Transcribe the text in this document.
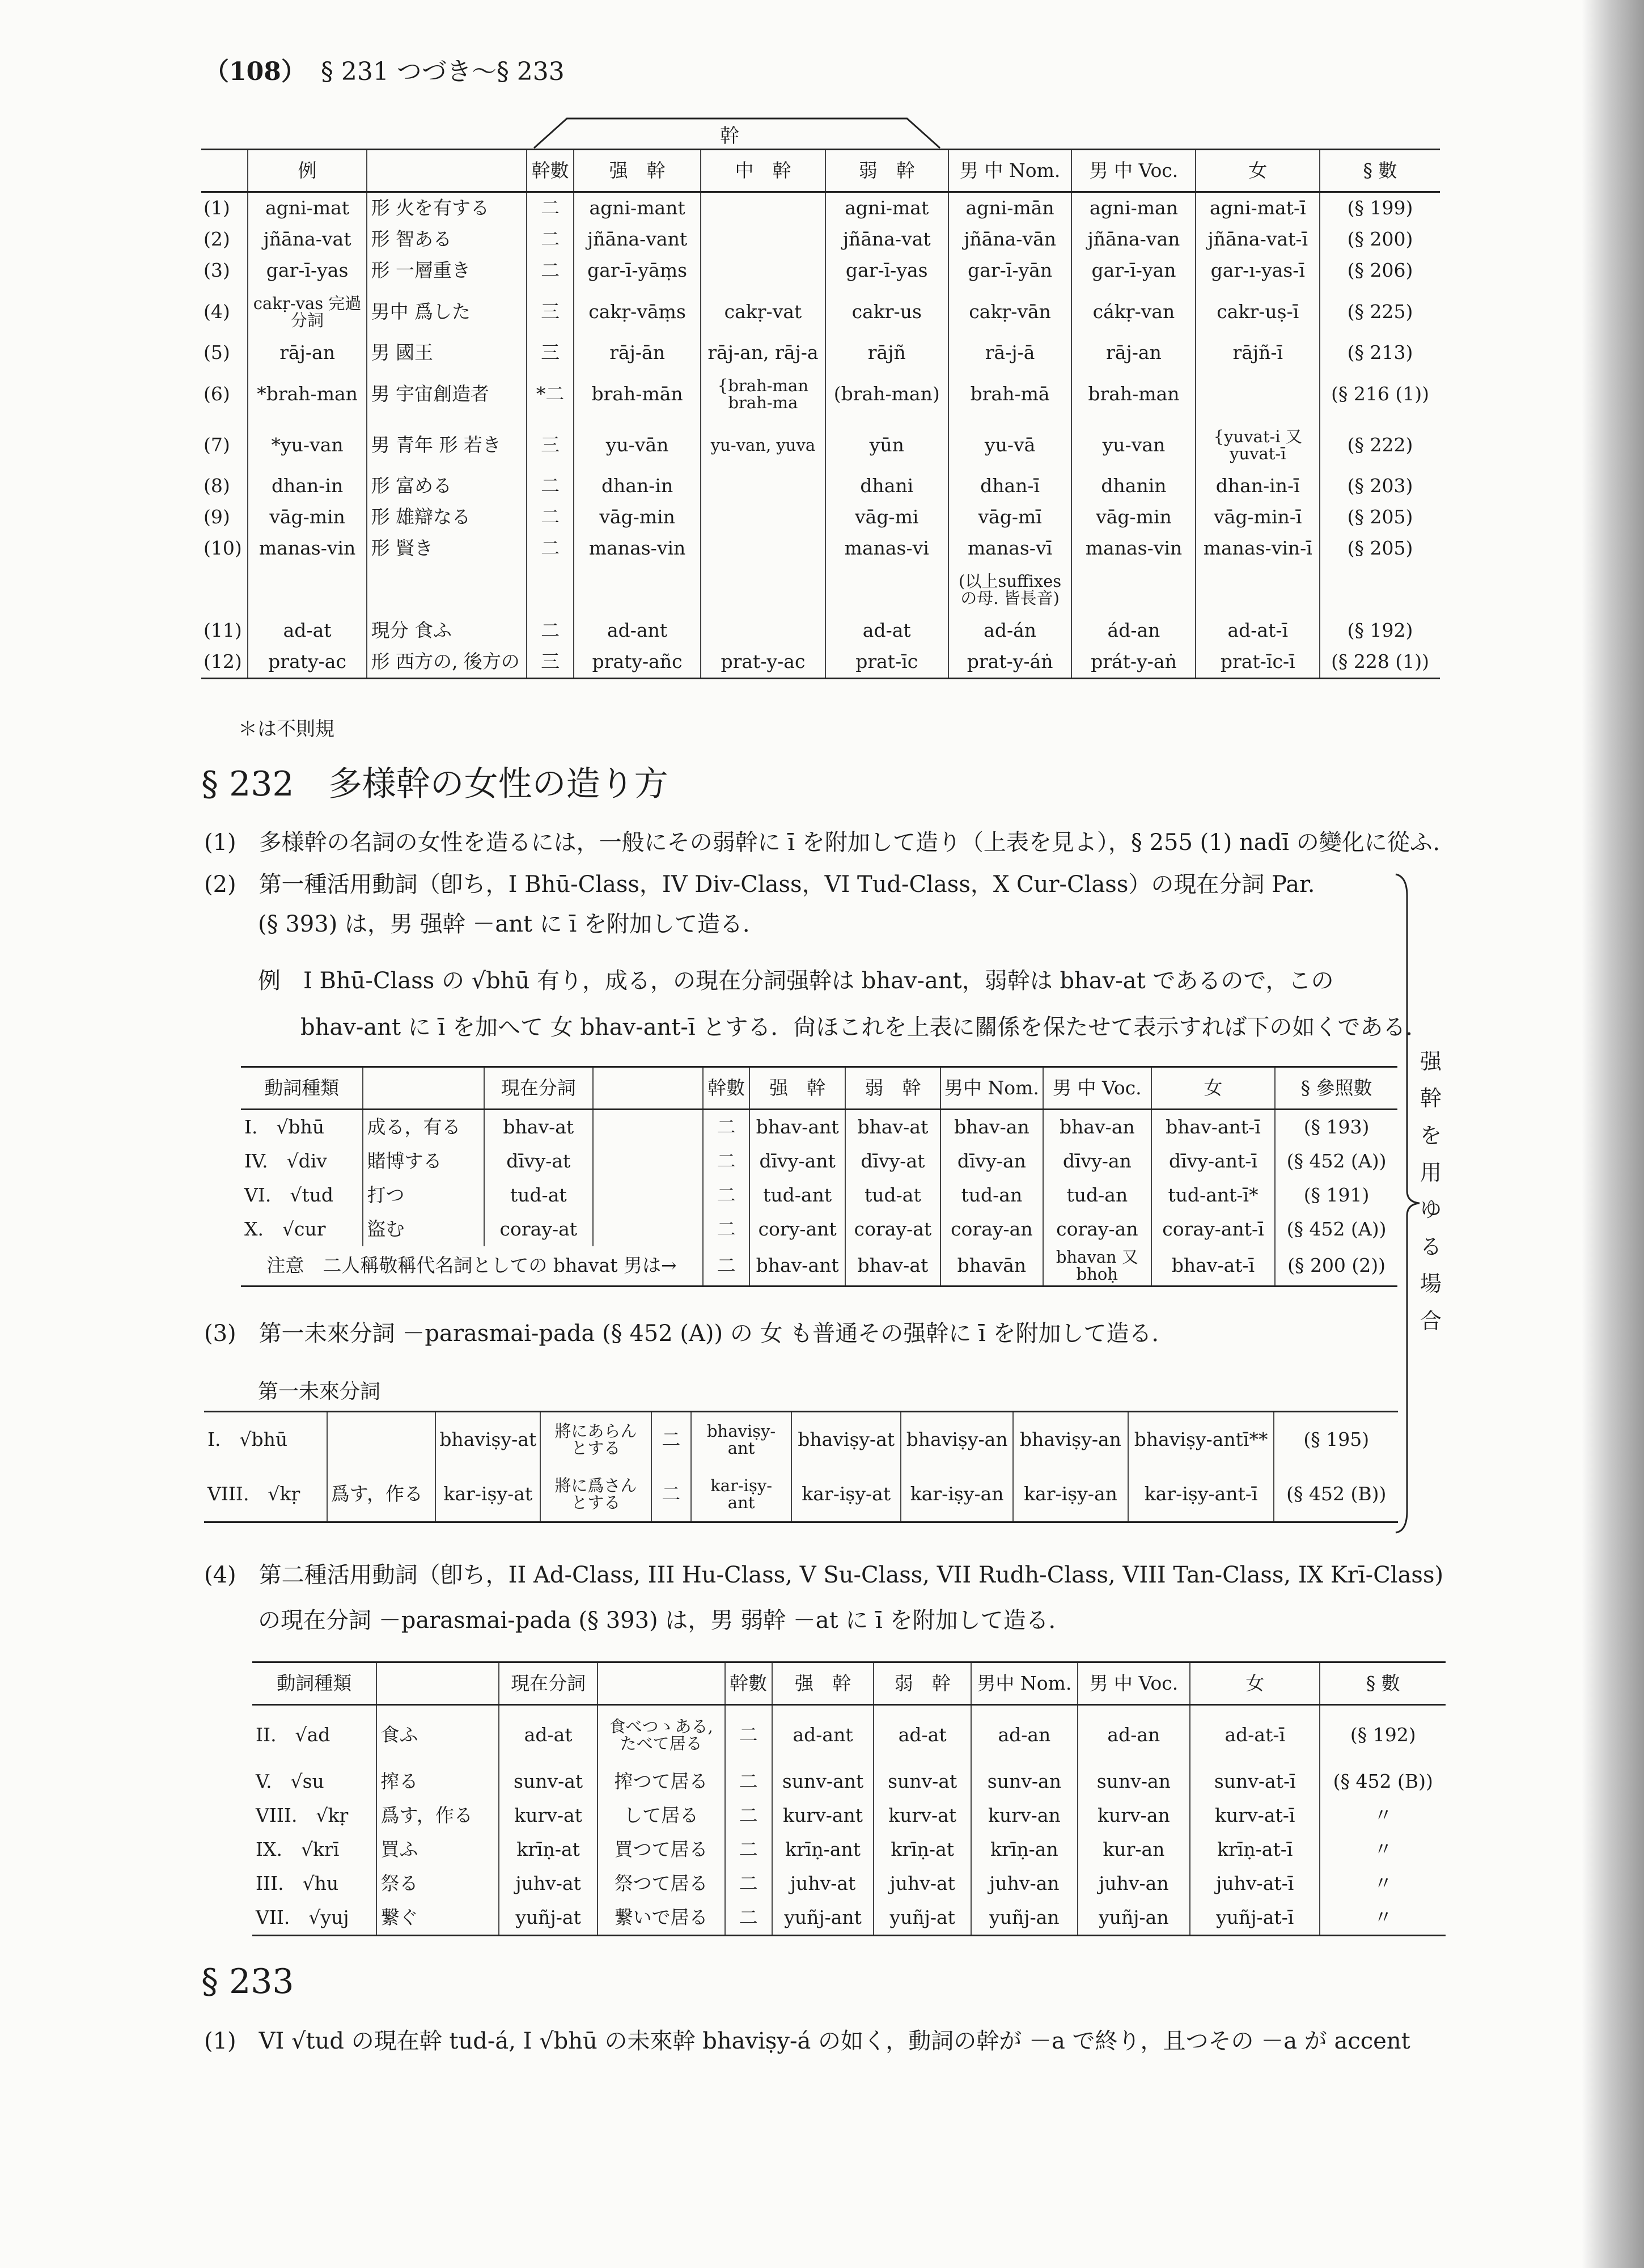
（108） § 231 つづき～§ 233
幹
	例		幹數	强　幹	中　幹	弱　幹	男 中 Nom.	男 中 Voc.	女	§ 數
(1)	agni-mat	形 火を有する	二	agni-mant		agni-mat	agni-mān	agni-man	agni-mat-ī	(§ 199)
(2)	jñāna-vat	形 智ある	二	jñāna-vant		jñāna-vat	jñāna-vān	jñāna-van	jñāna-vat-ī	(§ 200)
(3)	gar-ī-yas	形 一層重き	二	gar-ī-yāṃs		gar-ī-yas	gar-ī-yān	gar-ī-yan	gar-ı-yas-ī	(§ 206)
(4)	cakṛ-vas 完過分詞	男中 爲した	三	cakṛ-vāṃs	cakṛ-vat	cakr-us	cakṛ-vān	cákṛ-van	cakr-uṣ-ī	(§ 225)
(5)	rāj-an	男 國王	三	rāj-ān	rāj-an, rāj-a	rājñ	rā-j-ā	rāj-an	rājñ-ī	(§ 213)
(6)	*brah-man	男 宇宙創造者	*二	brah-mān	{brah-man brah-ma	(brah-man)	brah-mā	brah-man		(§ 216 (1))
(7)	*yu-van	男 青年 形 若き	三	yu-vān	yu-van, yuva	yūn	yu-vā	yu-van	{yuvat-i 又 yuvat-ī	(§ 222)
(8)	dhan-in	形 富める	二	dhan-in		dhani	dhan-ī	dhanin	dhan-in-ī	(§ 203)
(9)	vāg-min	形 雄辯なる	二	vāg-min		vāg-mi	vāg-mī	vāg-min	vāg-min-ī	(§ 205)
(10)	manas-vin	形 賢き	二	manas-vin		manas-vi	manas-vī	manas-vin	manas-vin-ī	(§ 205)
							(以上suffixes の母. 皆長音)			
(11)	ad-at	現分 食ふ	二	ad-ant		ad-at	ad-án	ád-an	ad-at-ī	(§ 192)
(12)	praty-ac	形 西方の, 後方の	三	praty-añc	prat-y-ac	prat-īc	prat-y-áṅ	prát-y-aṅ	prat-īc-ī	(§ 228 (1))
＊は不則規
§ 232　多様幹の女性の造り方
(1)　多様幹の名詞の女性を造るには，一般にその弱幹に ī を附加して造り（上表を見よ），§ 255 (1) nadī の變化に從ふ．
(2)　第一種活用動詞（卽ち，I Bhū-Class，IV Div-Class，VI Tud-Class，X Cur-Class）の現在分詞 Par.
(§ 393) は，男 强幹 －ant に ī を附加して造る．
例　I Bhū-Class の √bhū 有り，成る，の現在分詞强幹は bhav-ant，弱幹は bhav-at であるので，この
bhav-ant に ī を加へて 女 bhav-ant-ī とする．尙ほこれを上表に關係を保たせて表示すれば下の如くである．
動詞種類		現在分詞		幹數	强　幹	弱　幹	男中 Nom.	男 中 Voc.	女	§ 參照數
I.　√bhū	成る，有る	bhav-at		二	bhav-ant	bhav-at	bhav-an	bhav-an	bhav-ant-ī	(§ 193)
IV.　√div	賭博する	dīvy-at		二	dīvy-ant	dīvy-at	dīvy-an	dīvy-an	dīvy-ant-ī	(§ 452 (A))
VI.　√tud	打つ	tud-at		二	tud-ant	tud-at	tud-an	tud-an	tud-ant-ī*	(§ 191)
X.　√cur	盜む	coray-at		二	cory-ant	coray-at	coray-an	coray-an	coray-ant-ī	(§ 452 (A))
注意　二人稱敬稱代名詞としての bhavat 男は→				二	bhav-ant	bhav-at	bhavān	bhavan 又 bhoḥ	bhav-at-ī	(§ 200 (2))
(3)　第一未來分詞 －parasmai-pada (§ 452 (A)) の 女 も普通その强幹に ī を附加して造る．
第一未來分詞
I.　√bhū		bhaviṣy-at	將にあらん とする	二	bhaviṣy- ant	bhaviṣy-at	bhaviṣy-an	bhaviṣy-an	bhaviṣy-antī**	(§ 195)
VIII.　√kṛ	爲す，作る	kar-iṣy-at	將に爲さん とする	二	kar-iṣy- ant	kar-iṣy-at	kar-iṣy-an	kar-iṣy-an	kar-iṣy-ant-ī	(§ 452 (B))
强
幹
を
用
ゆ
る
場
合
(4)　第二種活用動詞（卽ち，II Ad-Class, III Hu-Class, V Su-Class, VII Rudh-Class, VIII Tan-Class, IX Krī-Class)
の現在分詞 －parasmai-pada (§ 393) は，男 弱幹 －at に ī を附加して造る．
動詞種類		現在分詞		幹數	强　幹	弱　幹	男中 Nom.	男 中 Voc.	女	§ 數
II.　√ad	食ふ	ad-at	食べつゝある, たべて居る	二	ad-ant	ad-at	ad-an	ad-an	ad-at-ī	(§ 192)
V.　√su	搾る	sunv-at	搾つて居る	二	sunv-ant	sunv-at	sunv-an	sunv-an	sunv-at-ī	(§ 452 (B))
VIII.　√kṛ	爲す，作る	kurv-at	して居る	二	kurv-ant	kurv-at	kurv-an	kurv-an	kurv-at-ī	〃
IX.　√krī	買ふ	krīṇ-at	買つて居る	二	krīṇ-ant	krīṇ-at	krīṇ-an	kur-an	krīṇ-at-ī	〃
III.　√hu	祭る	juhv-at	祭つて居る	二	juhv-at	juhv-at	juhv-an	juhv-an	juhv-at-ī	〃
VII.　√yuj	繋ぐ	yuñj-at	繋いで居る	二	yuñj-ant	yuñj-at	yuñj-an	yuñj-an	yuñj-at-ī	〃
§ 233
(1)　VI √tud の現在幹 tud-á, I √bhū の未來幹 bhaviṣy-á の如く，動詞の幹が －a で終り，且つその －a が accent
